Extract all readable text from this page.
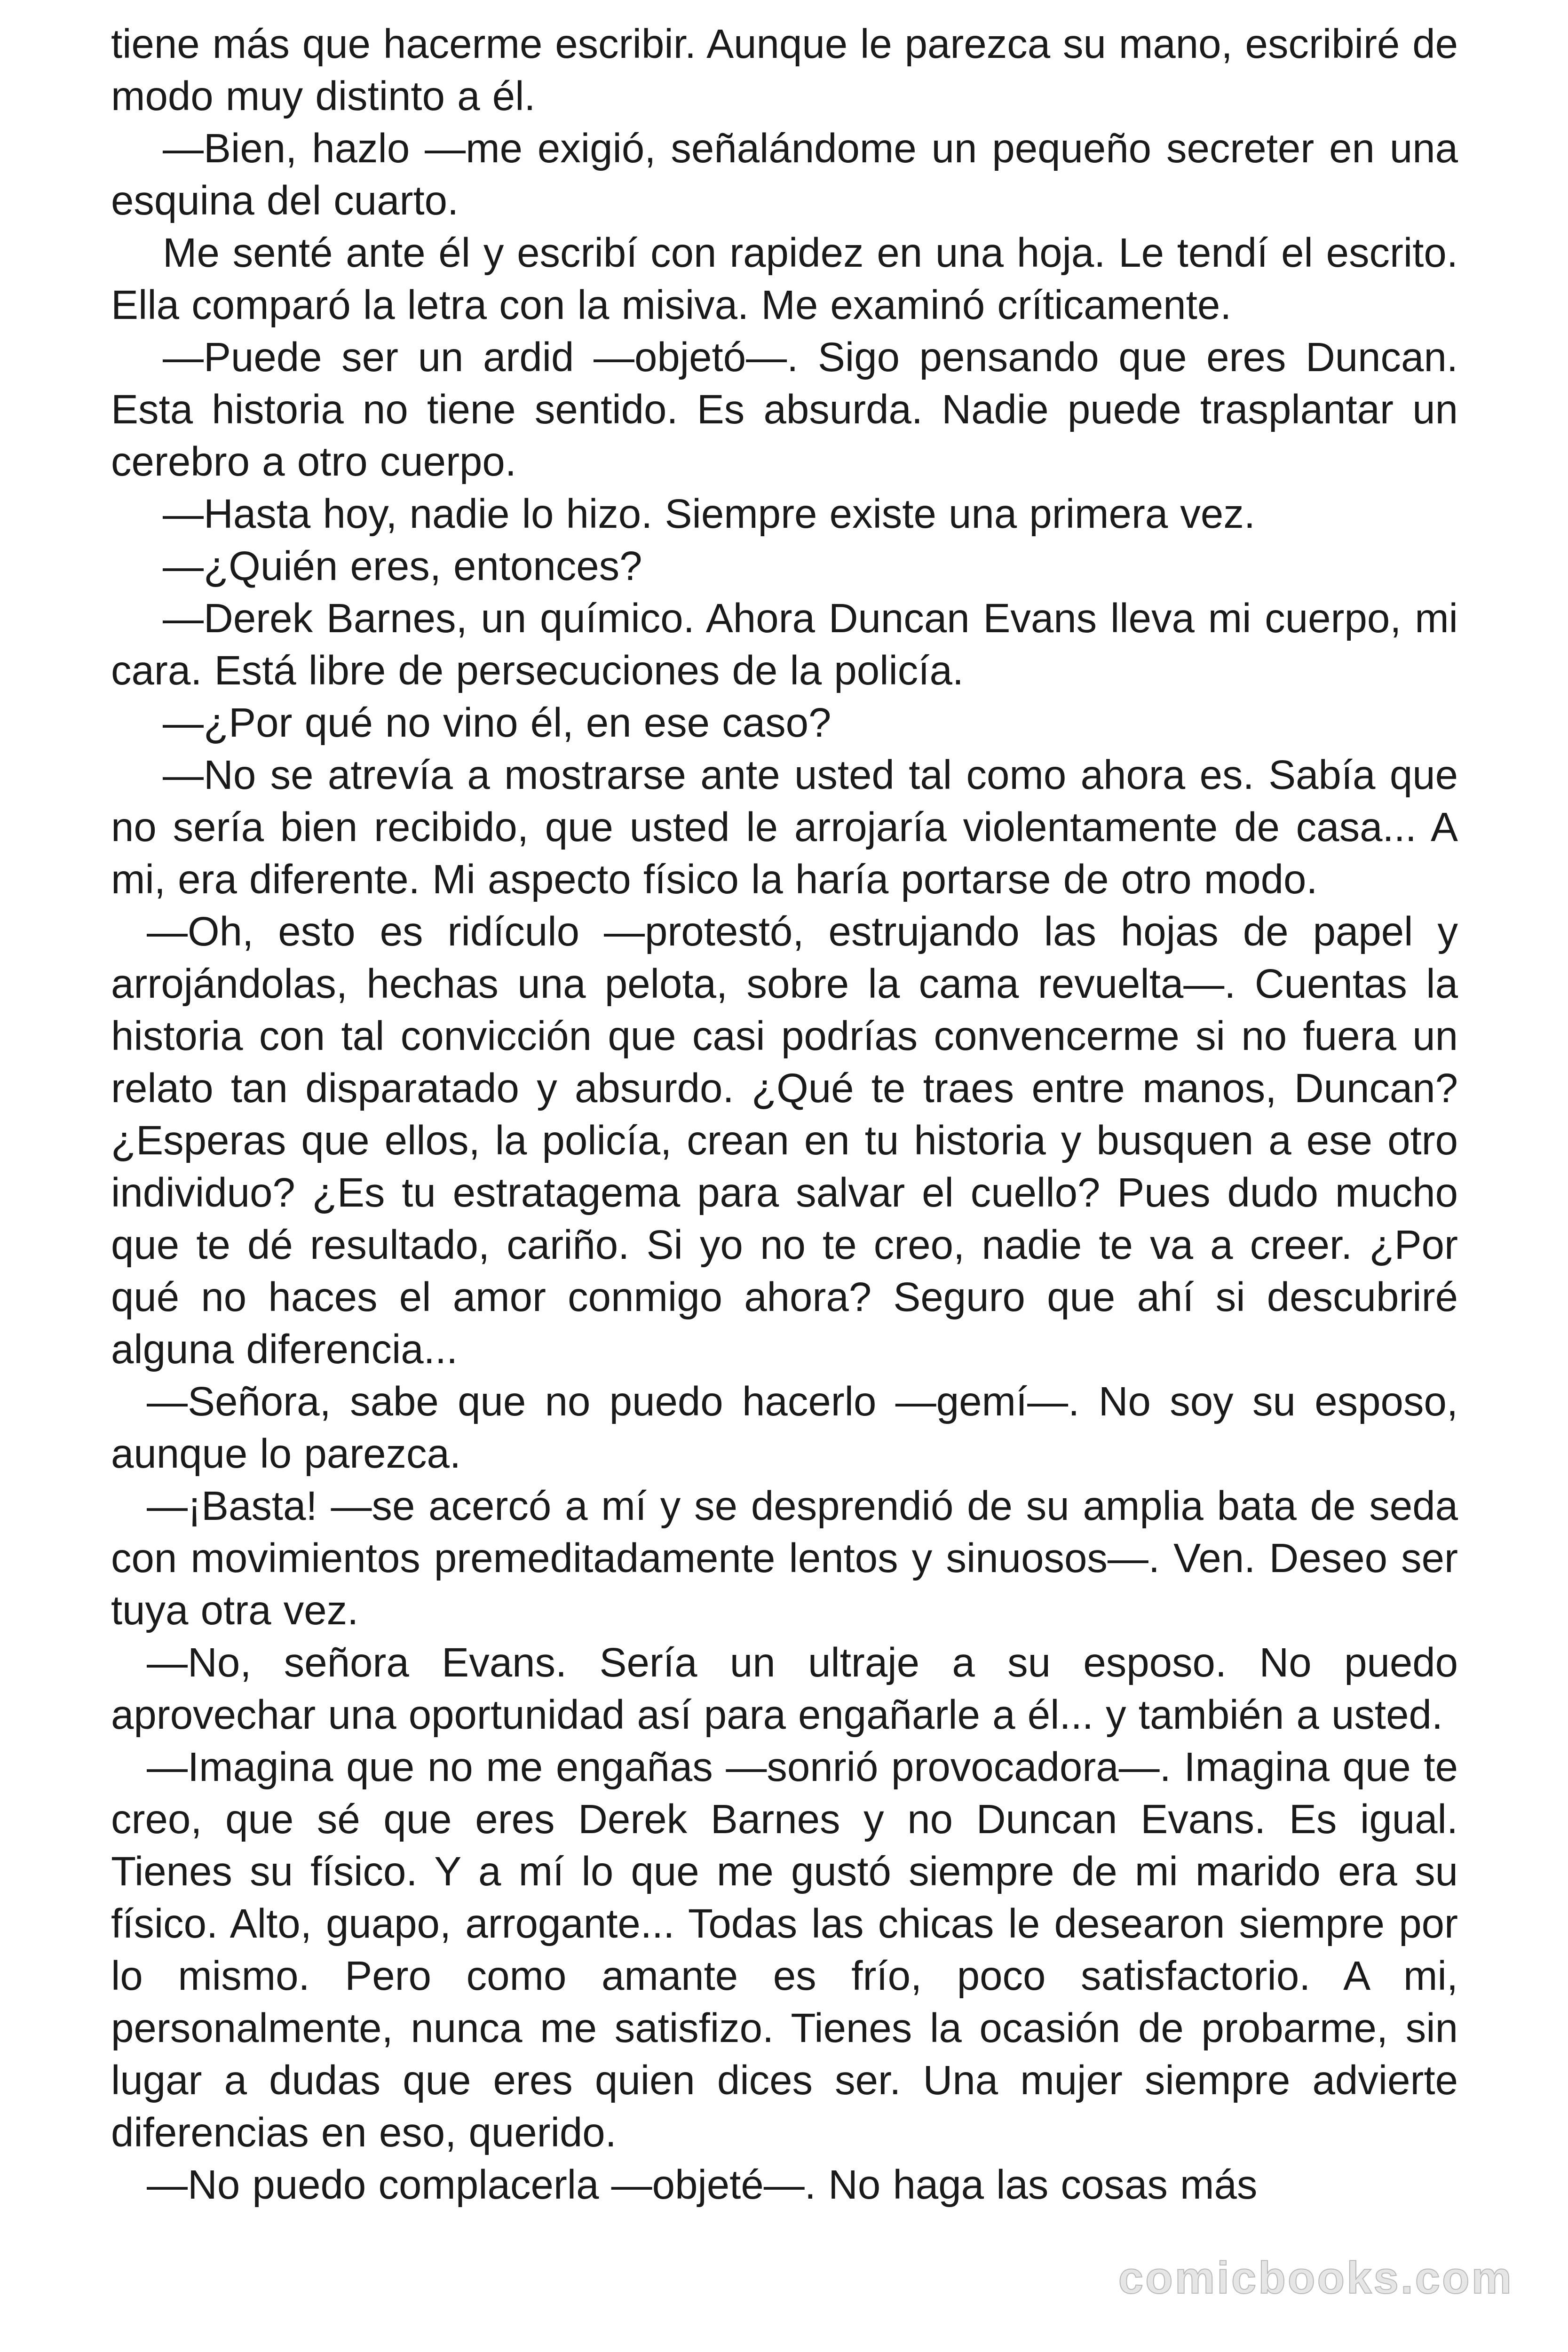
tiene más que hacerme escribir. Aunque le parezca su mano, escribiré de modo muy distinto a él.

—Bien, hazlo —me exigió, señalándome un pequeño secreter en una esquina del cuarto.

Me senté ante él y escribí con rapidez en una hoja. Le tendí el escrito. Ella comparó la letra con la misiva. Me examinó críticamente.

—Puede ser un ardid —objetó—. Sigo pensando que eres Duncan. Esta historia no tiene sentido. Es absurda. Nadie puede trasplantar un cerebro a otro cuerpo.

—Hasta hoy, nadie lo hizo. Siempre existe una primera vez.

—¿Quién eres, entonces?

—Derek Barnes, un químico. Ahora Duncan Evans lleva mi cuerpo, mi cara. Está libre de persecuciones de la policía.

—¿Por qué no vino él, en ese caso?

—No se atrevía a mostrarse ante usted tal como ahora es. Sabía que no sería bien recibido, que usted le arrojaría violentamente de casa... A mi, era diferente. Mi aspecto físico la haría portarse de otro modo.

—Oh, esto es ridículo —protestó, estrujando las hojas de papel y arrojándolas, hechas una pelota, sobre la cama revuelta—. Cuentas la historia con tal convicción que casi podrías convencerme si no fuera un relato tan disparatado y absurdo. ¿Qué te traes entre manos, Duncan? ¿Esperas que ellos, la policía, crean en tu historia y busquen a ese otro individuo? ¿Es tu estratagema para salvar el cuello? Pues dudo mucho que te dé resultado, cariño. Si yo no te creo, nadie te va a creer. ¿Por qué no haces el amor conmigo ahora? Seguro que ahí si descubriré alguna diferencia...

—Señora, sabe que no puedo hacerlo —gemí—. No soy su esposo, aunque lo parezca.

—¡Basta! —se acercó a mí y se desprendió de su amplia bata de seda con movimientos premeditadamente lentos y sinuosos—. Ven. Deseo ser tuya otra vez.

—No, señora Evans. Sería un ultraje a su esposo. No puedo aprovechar una oportunidad así para engañarle a él... y también a usted.

—Imagina que no me engañas —sonrió provocadora—. Imagina que te creo, que sé que eres Derek Barnes y no Duncan Evans. Es igual. Tienes su físico. Y a mí lo que me gustó siempre de mi marido era su físico. Alto, guapo, arrogante... Todas las chicas le desearon siempre por lo mismo. Pero como amante es frío, poco satisfactorio. A mi, personalmente, nunca me satisfizo. Tienes la ocasión de probarme, sin lugar a dudas que eres quien dices ser. Una mujer siempre advierte diferencias en eso, querido.

—No puedo complacerla —objeté—. No haga las cosas más

comicbooks.com
